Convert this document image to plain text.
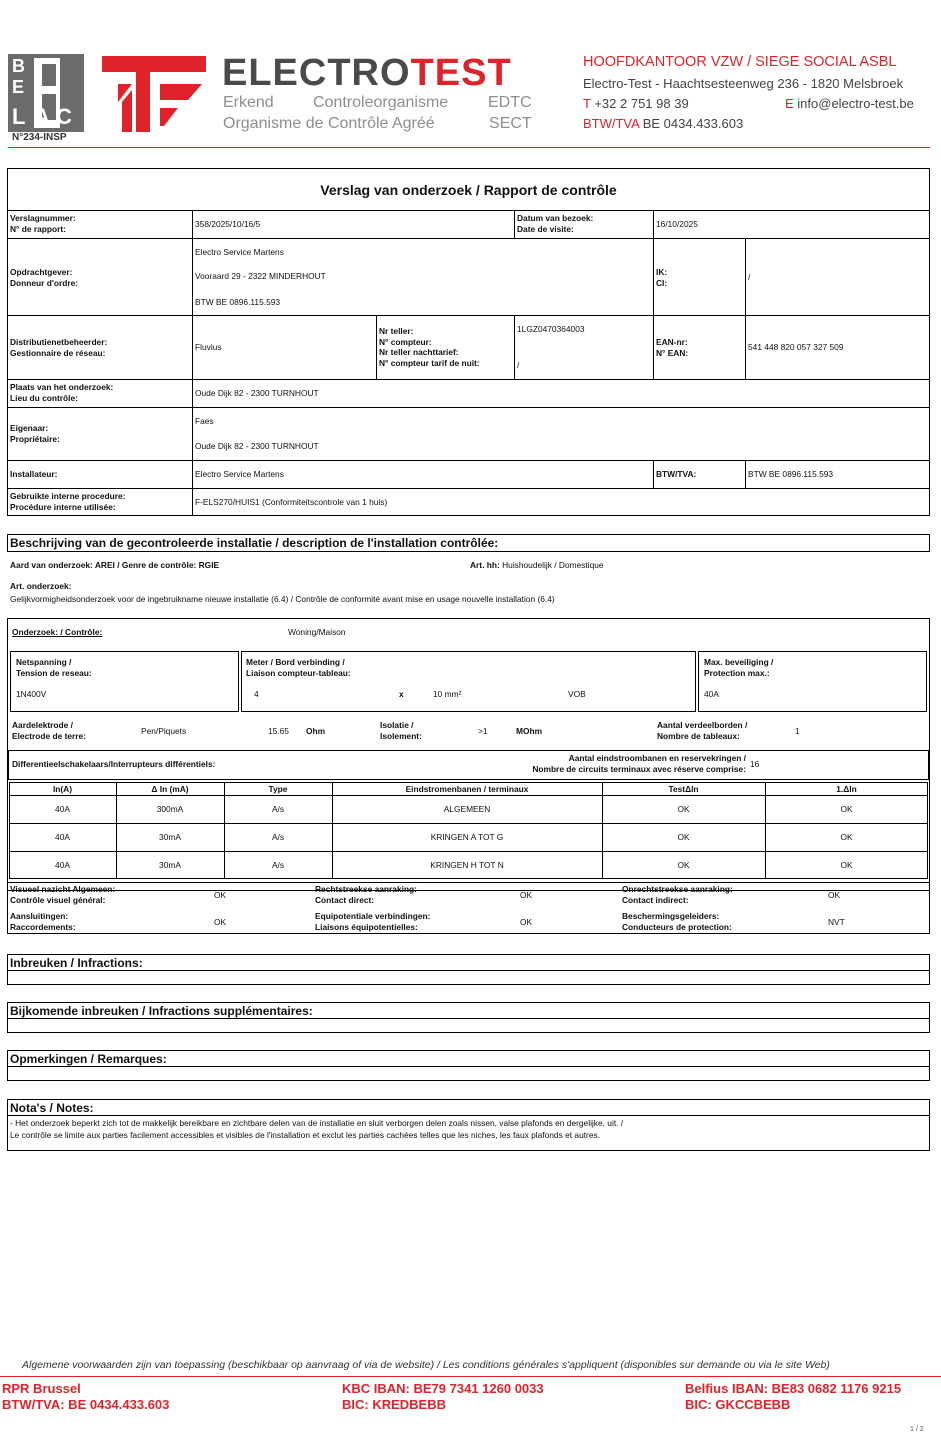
B
E
L A C
N°234-INSP
ELECTROTEST
Erkend Controleorganisme EDTC
Organisme de Contrôle Agréé	SECT
HOOFDKANTOOR VZW / SIEGE SOCIAL ASBL
Electro-Test - Haachtsesteenweg 236 - 1820 Melsbroek
T +32 2 751 98 39	E info@electro-test.be
BTW/TVA BE 0434.433.603
Verslag van onderzoek / Rapport de contrôle
Verslagnummer:
N° de rapport:	358/2025/10/16/5
Datum van bezoek:
Date de visite:	16/10/2025
Opdrachtgever:
Donneur d'ordre:
Electro Service Martens
Vooraard 29 - 2322 MINDERHOUT
BTW BE 0896.115.593
IK:
CI:
/
Distributienetbeheerder:
Gestionnaire de réseau:
Fluvius
Nr teller:
N° compteur:
Nr teller nachttarief:
N° compteur tarif de nuit:
1LGZ0470364003
/
EAN-nr:
N° EAN:
541 448 820 057 327 509
Plaats van het onderzoek:
Lieu du contrôle:	Oude Dijk 82 - 2300 TURNHOUT
Eigenaar:
Propriétaire:
Faes
Oude Dijk 82 - 2300 TURNHOUT
Installateur:	Electro Service Martens	BTW/TVA:	BTW BE 0896.115.593
Gebruikte interne procedure:
Procédure interne utilisée:	F-ELS270/HUIS1 (Conformiteitscontrole van 1 huis)
Beschrijving van de gecontroleerde installatie / description de l'installation contrôlée:
Aard van onderzoek: AREI / Genre de contrôle: RGIE	Art. hh: Huishoudelijk / Domestique
Art. onderzoek:
Gelijkvormigheidsonderzoek voor de ingebruikname nieuwe installatie (6.4) / Contrôle de conformité avant mise en usage nouvelle installation (6.4)
Onderzoek: / Contrôle:	Woning/Maison
Netspanning /
Tension de reseau:
1N400V
Meter / Bord verbinding /
Liaison compteur-tableau:
4	x	10 mm²	VOB
Max. beveiliging /
Protection max.:
40A
Aardelektrode /
Electrode de terre:	Pen/Piquets	15.65 Ohm
Isolatie /
Isolement:	>1	MOhm
Aantal verdeelborden /
Nombre de tableaux:	1
Differentieelschakelaars/Interrupteurs différentiels:
Aantal eindstroombanen en reservekringen /
Nombre de circuits terminaux avec réserve comprise: 16
In(A)	Δ In (mA)	Type	Eindstromenbanen / terminaux	TestΔIn	1.ΔIn
40A	300mA	A/s	ALGEMEEN	OK	OK
40A	30mA	A/s	KRINGEN A TOT G	OK	OK
40A	30mA	A/s	KRINGEN H TOT N	OK	OK
Visueel nazicht Algemeen:
Contrôle visuel général:	OK
Rechtstreekse aanraking:
Contact direct:	OK
Onrechtstreekse aanraking:
Contact indirect:	OK
Aansluitingen:
Raccordements:	OK
Equipotentiale verbindingen:
Liaisons équipotentielles:	OK
Beschermingsgeleiders:
Conducteurs de protection:	NVT
Inbreuken / Infractions:
Bijkomende inbreuken / Infractions supplémentaires:
Opmerkingen / Remarques:
Nota's / Notes:
- Het onderzoek beperkt zich tot de makkelijk bereikbare en zichtbare delen van de installatie en sluit verborgen delen zoals nissen, valse plafonds en dergelijke, uit. /
Le contrôle se limite aux parties facilement accessibles et visibles de l'installation et exclut les parties cachées telles que les niches, les faux plafonds et autres.
Algemene voorwaarden zijn van toepassing (beschikbaar op aanvraag of via de website) / Les conditions générales s'appliquent (disponibles sur demande ou via le site Web)
RPR Brussel
BTW/TVA: BE 0434.433.603
KBC IBAN: BE79 7341 1260 0033
BIC: KREDBEBB
Belfius IBAN: BE83 0682 1176 9215
BIC: GKCCBEBB
1 / 2
